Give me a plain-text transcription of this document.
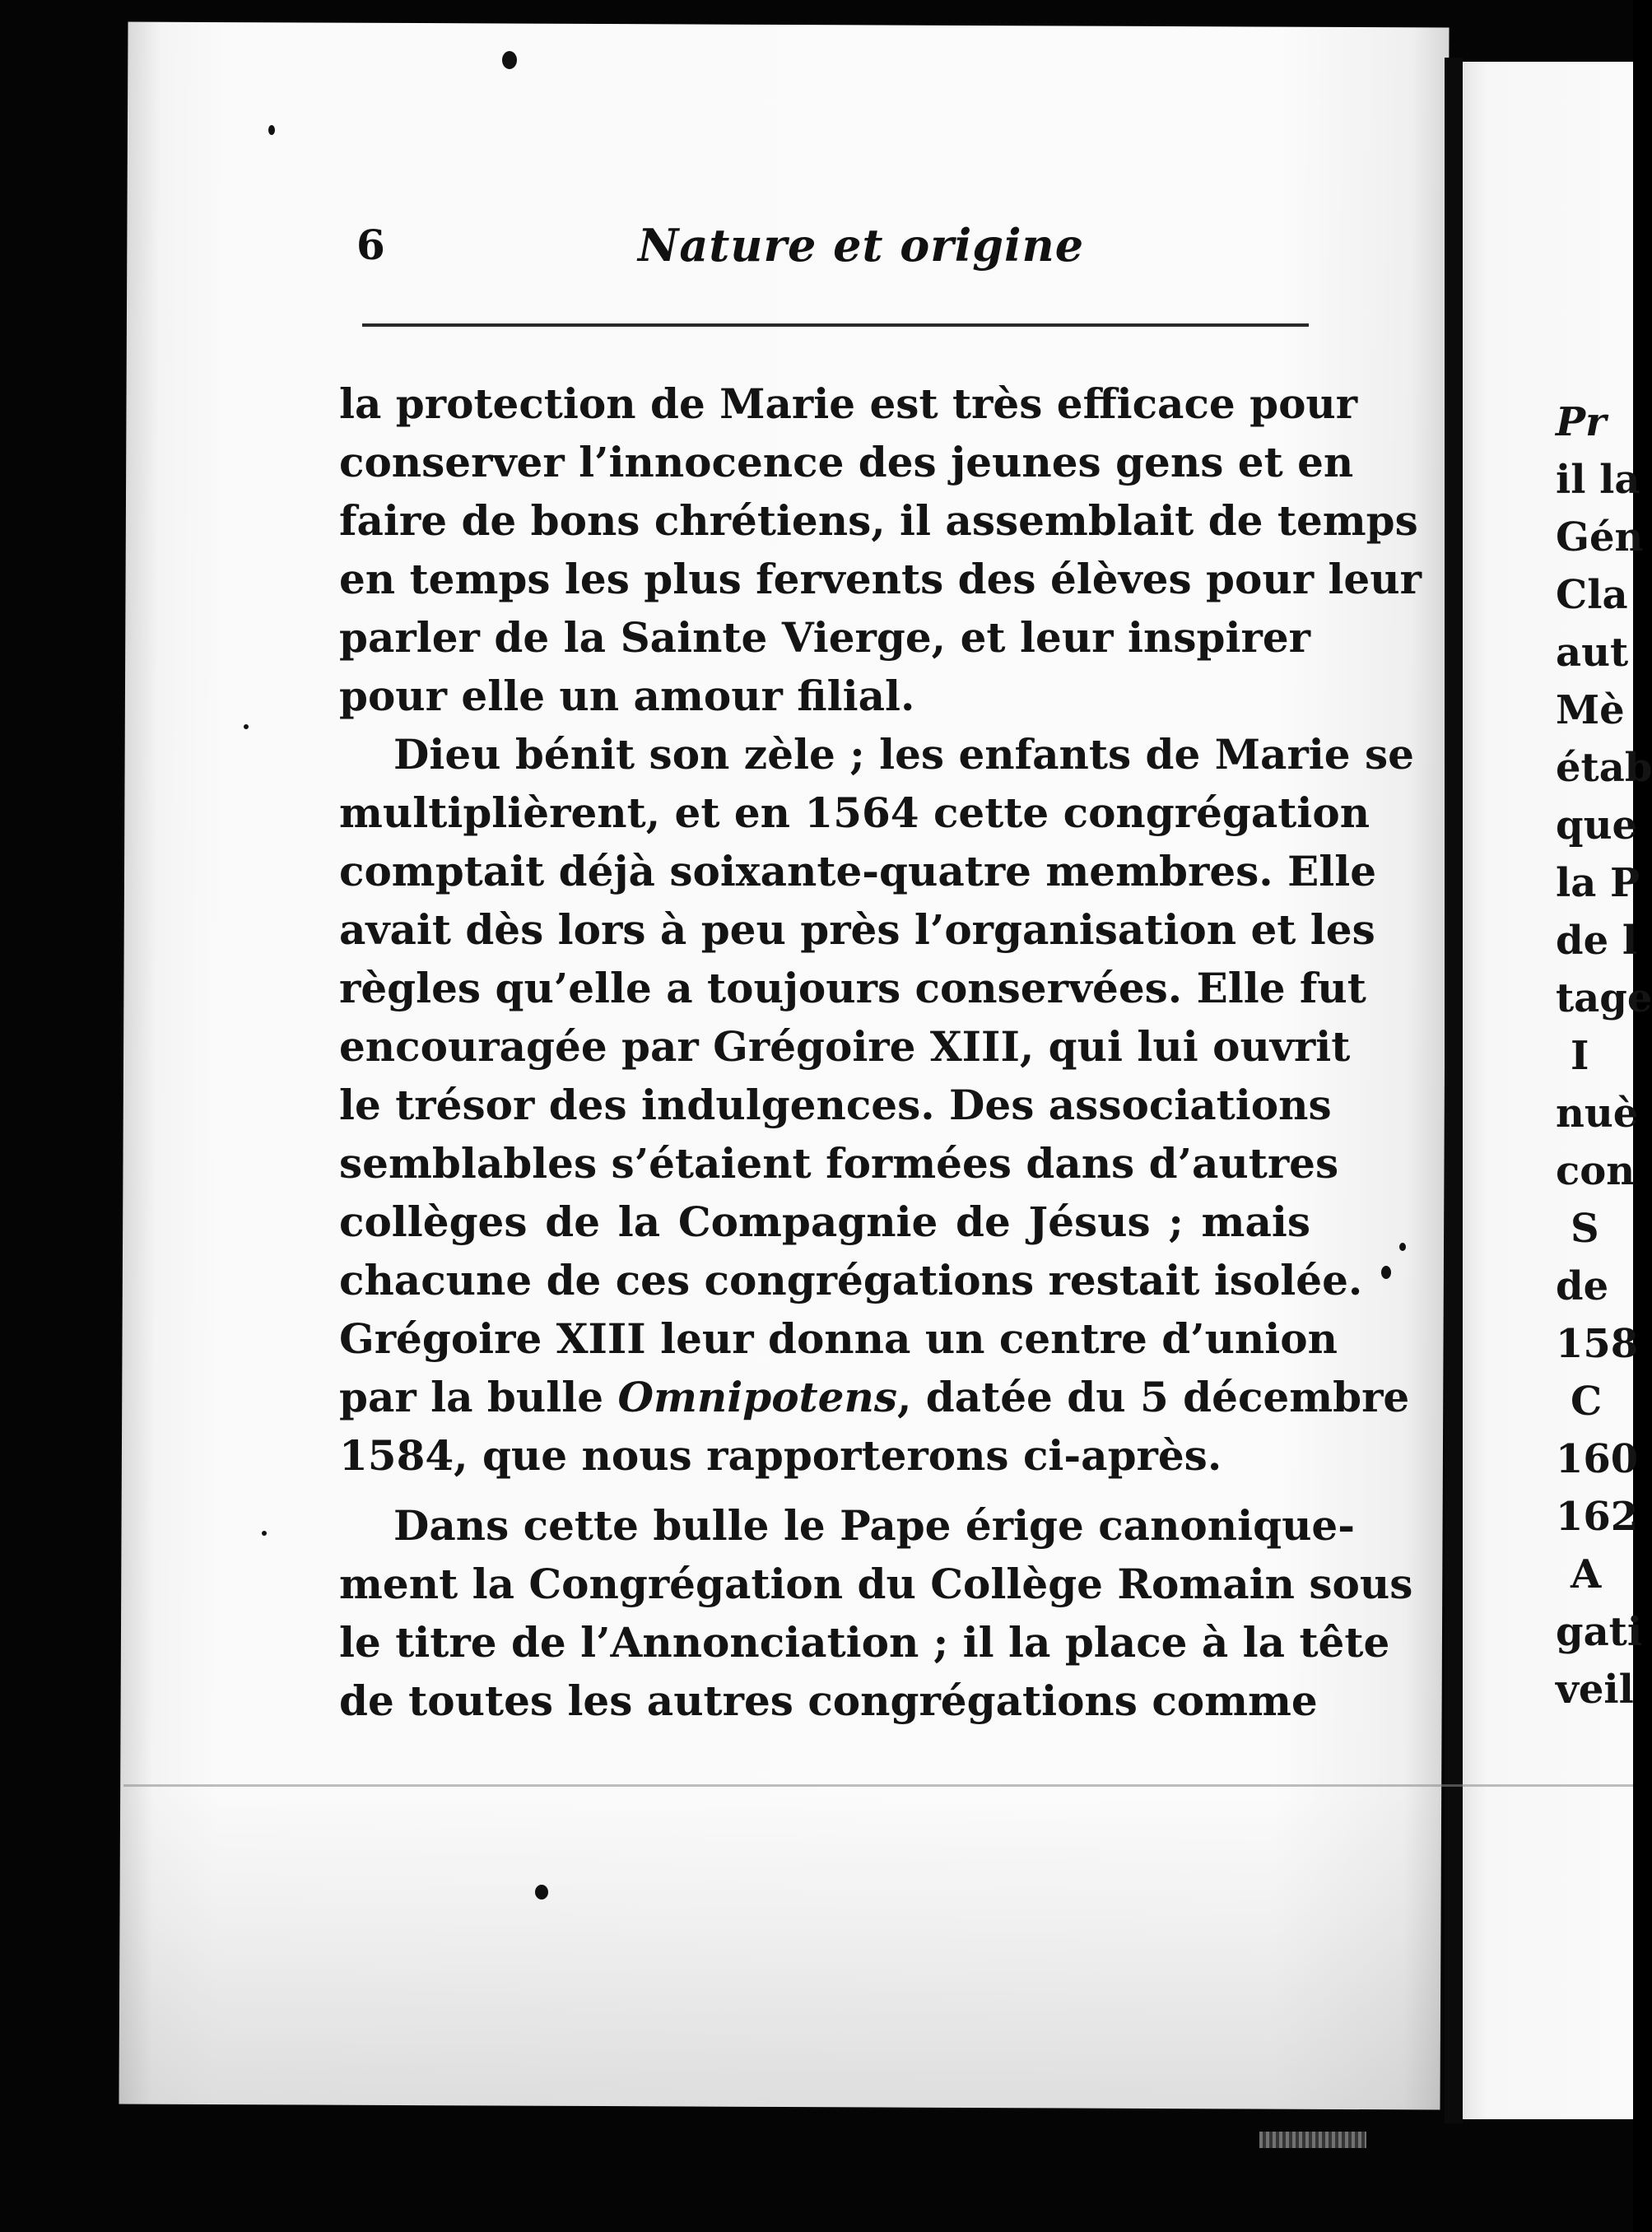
6	Nature et origine

la protection de Marie est très efficace pour

conserver l’innocence des jeunes gens et en

faire de bons chrétiens, il assemblait de temps

en temps les plus fervents des élèves pour leur

parler de la Sainte Vierge, et leur inspirer

pour elle un amour filial.

Dieu bénit son zèle ; les enfants de Marie se

multiplièrent, et en 1564 cette congrégation

comptait déjà soixante-quatre membres. Elle

avait dès lors à peu près l’organisation et les

règles qu’elle a toujours conservées. Elle fut

encouragée par Grégoire XIII, qui lui ouvrit

le trésor des indulgences. Des associations

semblables s’étaient formées dans d’autres

collèges de la Compagnie de Jésus ; mais

chacune de ces congrégations restait isolée.

Grégoire XIII leur donna un centre d’union

par la bulle Omnipotens, datée du 5 décembre

1584, que nous rapporterons ci-après.

Dans cette bulle le Pape érige canonique-

ment la Congrégation du Collège Romain sous

le titre de l’Annonciation ; il la place à la tête

de toutes les autres congrégations comme

Pr
il la
Gén
Cla
aut
Mè
étab
que
la P
de l
tage
I
nuè
con
S
de
158
C
160
162
A
gati
veil
